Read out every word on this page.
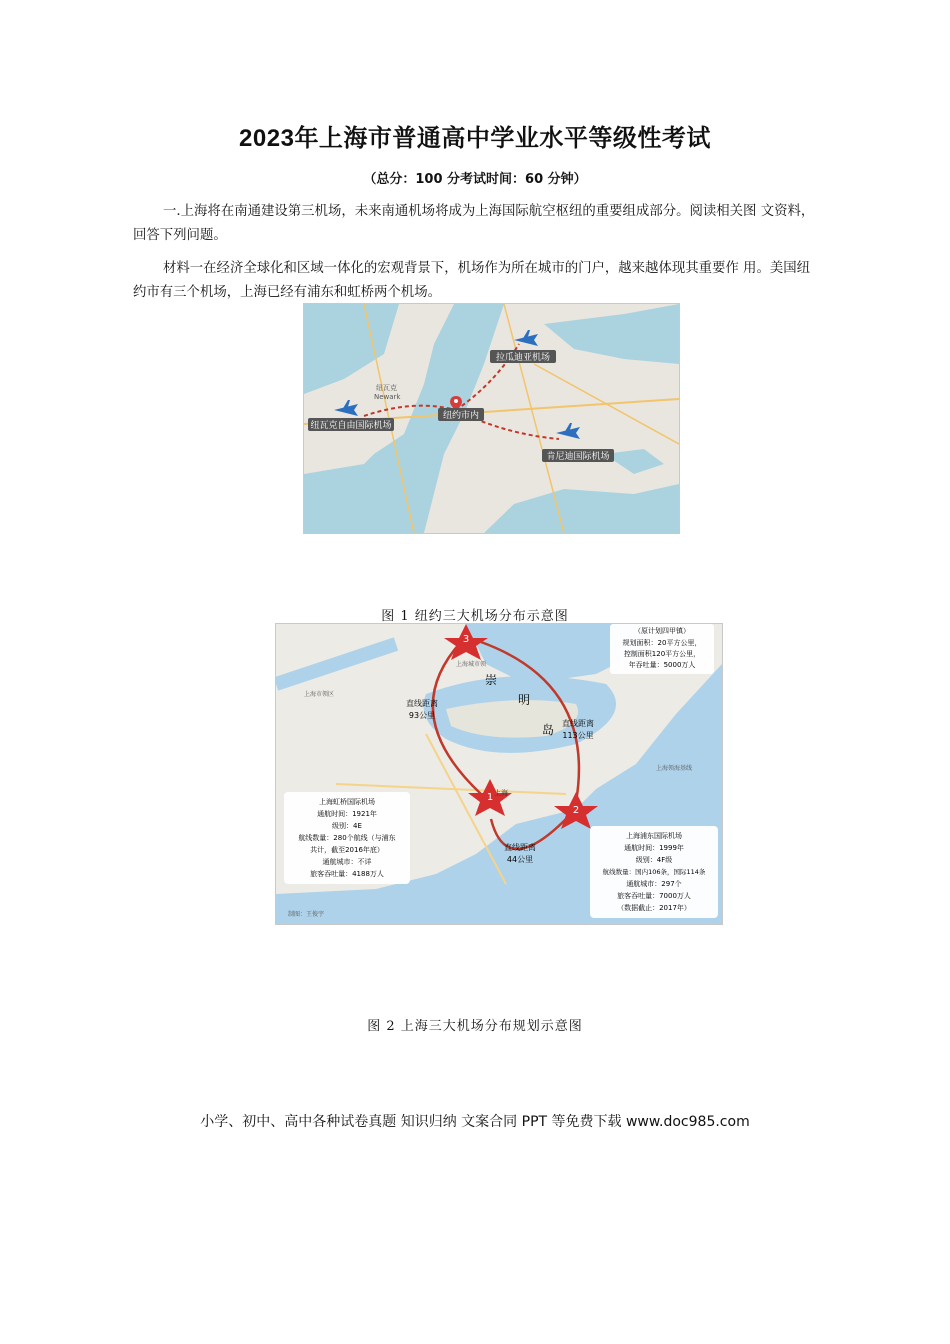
2023年上海市普通高中学业水平等级性考试
（总分：100 分考试时间：60 分钟）
一.上海将在南通建设第三机场，未来南通机场将成为上海国际航空枢纽的重要组成部分。阅读相关图 文资料，回答下列问题。
材料一在经济全球化和区域一体化的宏观背景下，机场作为所在城市的门户，越来越体现其重要作 用。美国纽约市有三个机场，上海已经有浦东和虹桥两个机场。
拉瓜迪亚机场
纽瓦克自由国际机场
纽约市内
肯尼迪国际机场
纽瓦克
Newark
图 1 纽约三大机场分布示意图
3
1
2
直线距离
93公里
直线距离
113公里
直线距离
44公里
崇
明
岛
上海
上海领海基线
上海城市领
制图：王俊宇
上海市领区
（原计划四甲镇）
规划面积：20平方公里，
控制面积120平方公里，
年吞吐量：5000万人
上海虹桥国际机场
通航时间：1921年
级别：4E
航线数量：280个航线（与浦东
共计，截至2016年底）
通航城市：不详
旅客吞吐量：4188万人
上海浦东国际机场
通航时间：1999年
级别：4F级
航线数量：国内106条，国际114条
通航城市：297个
旅客吞吐量：7000万人
（数据截止：2017年）
图 2 上海三大机场分布规划示意图
小学、初中、高中各种试卷真题 知识归纳 文案合同 PPT 等免费下载 www.doc985.com
